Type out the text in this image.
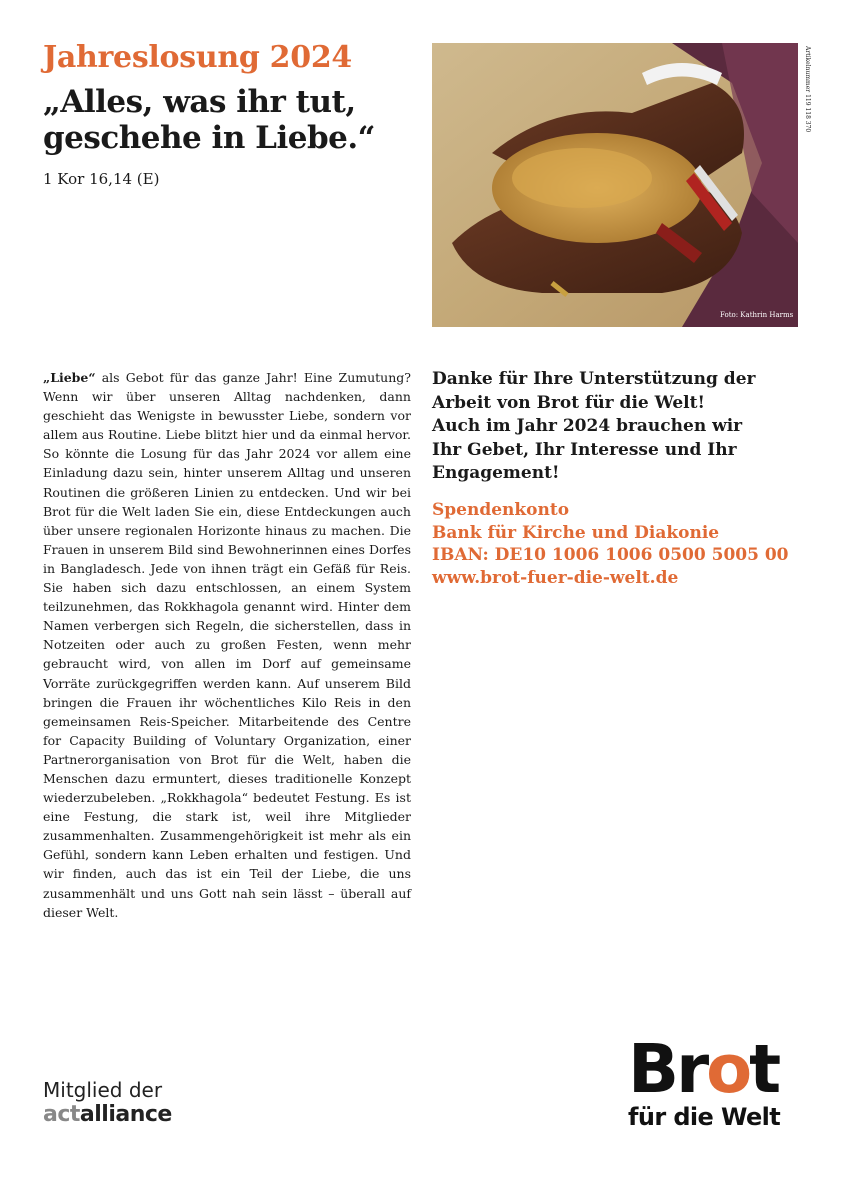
Jahreslosung 2024
„Alles, was ihr tut,
geschehe in Liebe.“
1 Kor 16,14 (E)
Foto: Kathrin Harms
Artikelnummer 119 118 370
„Liebe“ als Gebot für das ganze Jahr! Eine Zumutung? Wenn wir über unseren Alltag nachdenken, dann geschieht das Wenigste in bewusster Liebe, sondern vor allem aus Routine. Liebe blitzt hier und da einmal hervor. So könnte die Losung für das Jahr 2024 vor allem eine Einladung dazu sein, hinter unserem Alltag und unseren Routinen die größeren Linien zu entdecken. Und wir bei Brot für die Welt laden Sie ein, diese Entdeckungen auch über unsere regionalen Horizonte hinaus zu machen. Die Frauen in unserem Bild sind Bewohnerinnen eines Dorfes in Bangladesch. Jede von ihnen trägt ein Gefäß für Reis. Sie haben sich dazu entschlossen, an einem System teilzunehmen, das Rokkhagola genannt wird. Hinter dem Namen verbergen sich Regeln, die sicherstellen, dass in Notzeiten oder auch zu großen Festen, wenn mehr gebraucht wird, von allen im Dorf auf gemeinsame Vorräte zurückgegriffen werden kann. Auf unserem Bild bringen die Frauen ihr wöchentliches Kilo Reis in den gemeinsamen Reis-Speicher. Mitarbeitende des Centre for Capacity Building of Voluntary Organization, einer Partnerorganisation von Brot für die Welt, haben die Menschen dazu ermuntert, dieses traditionelle Konzept wiederzubeleben. „Rokkhagola“ bedeutet Festung. Es ist eine Festung, die stark ist, weil ihre Mitglieder zusammenhalten. Zusammengehörigkeit ist mehr als ein Gefühl, sondern kann Leben erhalten und festigen. Und wir finden, auch das ist ein Teil der Liebe, die uns zusammenhält und uns Gott nah sein lässt – überall auf dieser Welt.
Danke für Ihre Unterstützung der
Arbeit von Brot für die Welt!
Auch im Jahr 2024 brauchen wir
Ihr Gebet, Ihr Interesse und Ihr
Engagement!
Spendenkonto
Bank für Kirche und Diakonie
IBAN: DE10 1006 1006 0500 5005 00
www.brot-fuer-die-welt.de
Mitglied der
actalliance
Brot
für die Welt
